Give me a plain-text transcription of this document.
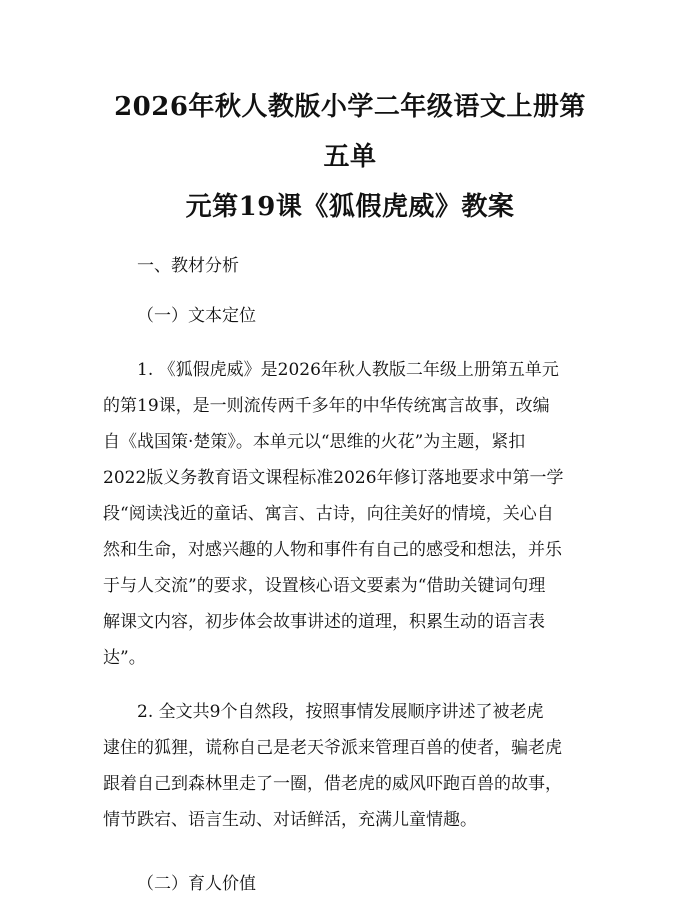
2026年秋人教版小学二年级语文上册第五单
元第19课《狐假虎威》教案

一、教材分析

（一）文本定位

1. 《狐假虎威》是2026年秋人教版二年级上册第五单元
的第19课，是一则流传两千多年的中华传统寓言故事，改编
自《战国策·楚策》。本单元以“思维的火花”为主题，紧扣
2022版义务教育语文课程标准2026年修订落地要求中第一学
段“阅读浅近的童话、寓言、古诗，向往美好的情境，关心自
然和生命，对感兴趣的人物和事件有自己的感受和想法，并乐
于与人交流”的要求，设置核心语文要素为“借助关键词句理
解课文内容，初步体会故事讲述的道理，积累生动的语言表
达”。
2. 全文共9个自然段，按照事情发展顺序讲述了被老虎
逮住的狐狸，谎称自己是老天爷派来管理百兽的使者，骗老虎
跟着自己到森林里走了一圈，借老虎的威风吓跑百兽的故事，
情节跌宕、语言生动、对话鲜活，充满儿童情趣。

（二）育人价值
